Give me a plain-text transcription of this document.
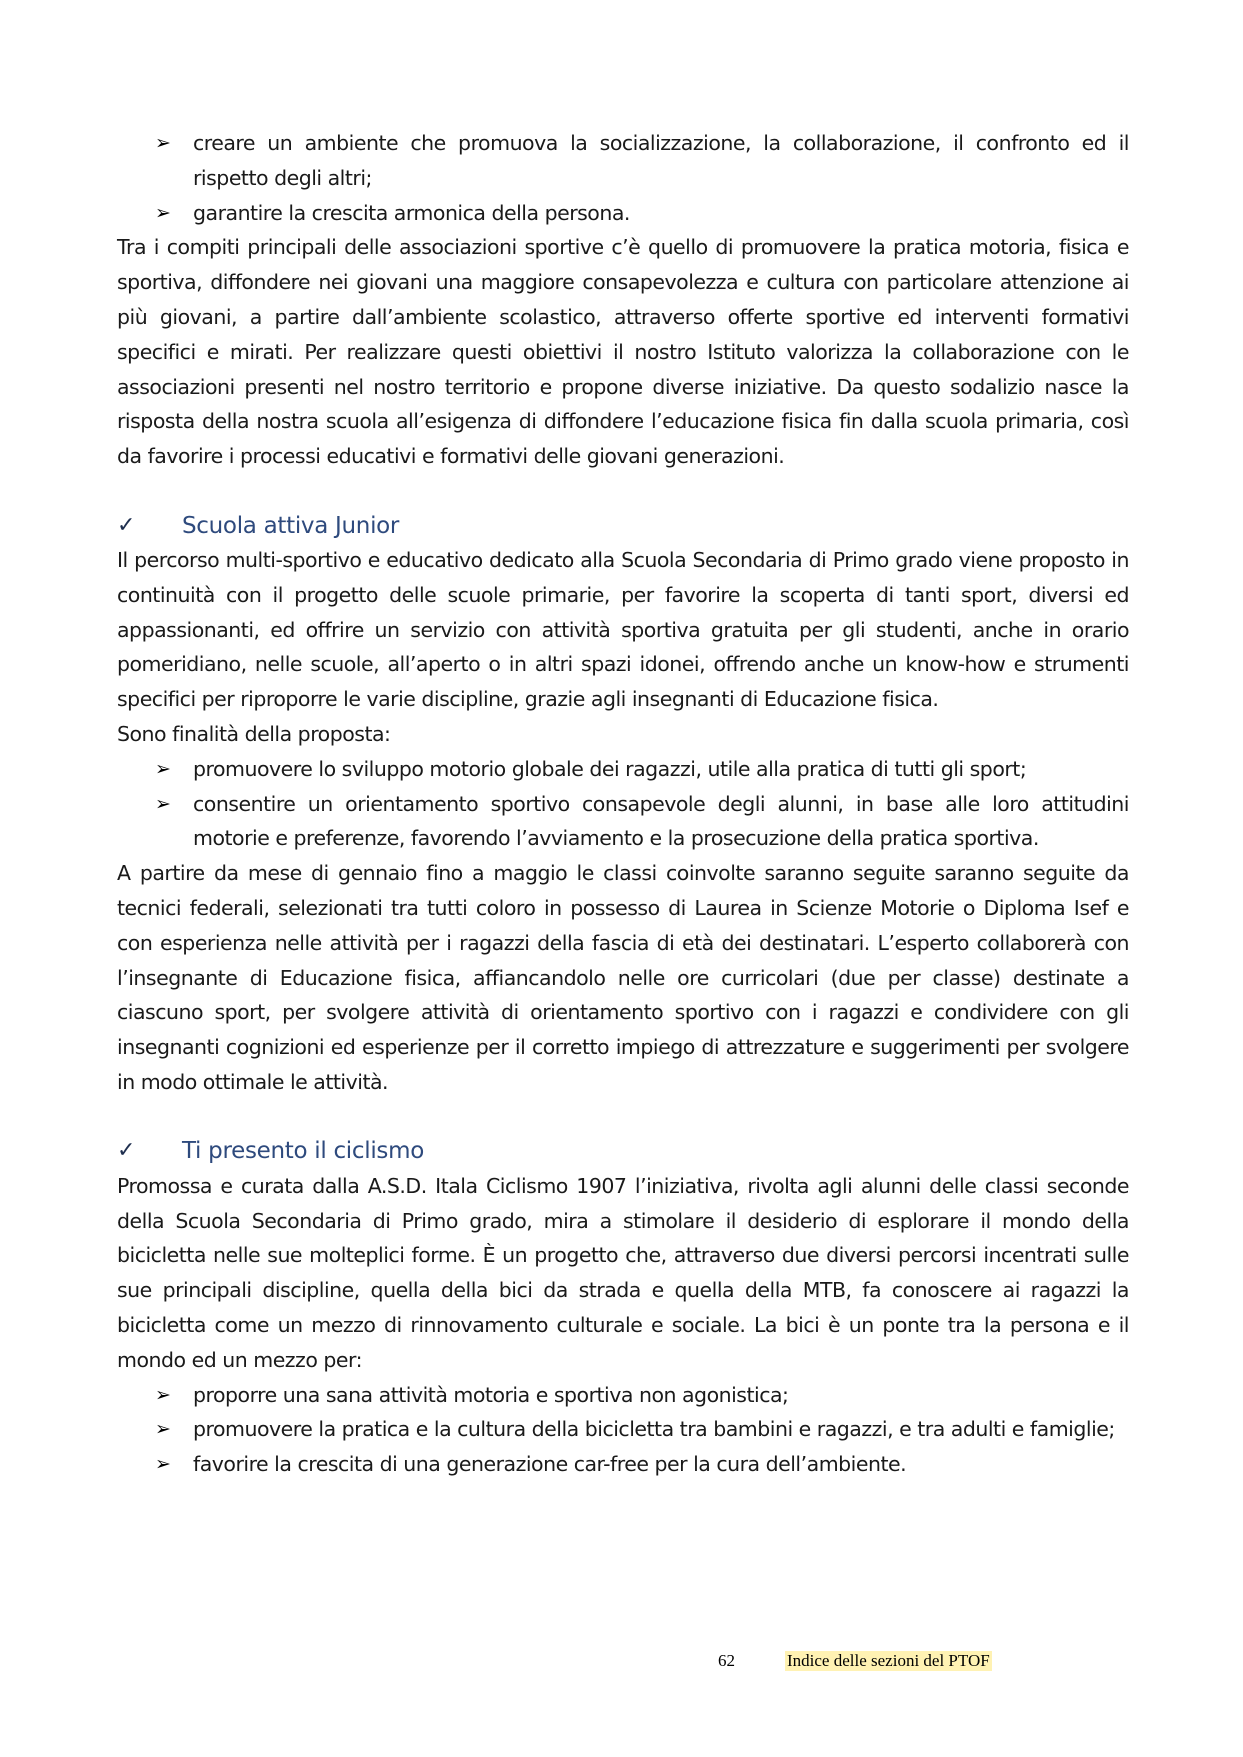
➢ creare un ambiente che promuova la socializzazione, la collaborazione, il confronto ed il rispetto degli altri;
➢ garantire la crescita armonica della persona.

Tra i compiti principali delle associazioni sportive c’è quello di promuovere la pratica motoria, fisica e sportiva, diffondere nei giovani una maggiore consapevolezza e cultura con particolare attenzione ai più giovani, a partire dall’ambiente scolastico, attraverso offerte sportive ed interventi formativi specifici e mirati. Per realizzare questi obiettivi il nostro Istituto valorizza la collaborazione con le associazioni presenti nel nostro territorio e propone diverse iniziative. Da questo sodalizio nasce la risposta della nostra scuola all’esigenza di diffondere l’educazione fisica fin dalla scuola primaria, così da favorire i processi educativi e formativi delle giovani generazioni.

✓	Scuola attiva Junior

Il percorso multi-sportivo e educativo dedicato alla Scuola Secondaria di Primo grado viene proposto in continuità con il progetto delle scuole primarie, per favorire la scoperta di tanti sport, diversi ed appassionanti, ed offrire un servizio con attività sportiva gratuita per gli studenti, anche in orario pomeridiano, nelle scuole, all’aperto o in altri spazi idonei, offrendo anche un know-how e strumenti specifici per riproporre le varie discipline, grazie agli insegnanti di Educazione fisica.

Sono finalità della proposta:

➢ promuovere lo sviluppo motorio globale dei ragazzi, utile alla pratica di tutti gli sport;
➢ consentire un orientamento sportivo consapevole degli alunni, in base alle loro attitudini motorie e preferenze, favorendo l’avviamento e la prosecuzione della pratica sportiva.

A partire da mese di gennaio fino a maggio le classi coinvolte saranno seguite saranno seguite da tecnici federali, selezionati tra tutti coloro in possesso di Laurea in Scienze Motorie o Diploma Isef e con esperienza nelle attività per i ragazzi della fascia di età dei destinatari. L’esperto collaborerà con l’insegnante di Educazione fisica, affiancandolo nelle ore curricolari (due per classe) destinate a ciascuno sport, per svolgere attività di orientamento sportivo con i ragazzi e condividere con gli insegnanti cognizioni ed esperienze per il corretto impiego di attrezzature e suggerimenti per svolgere in modo ottimale le attività.

✓	Ti presento il ciclismo

Promossa e curata dalla A.S.D. Itala Ciclismo 1907 l’iniziativa, rivolta agli alunni delle classi seconde della Scuola Secondaria di Primo grado, mira a stimolare il desiderio di esplorare il mondo della bicicletta nelle sue molteplici forme. È un progetto che, attraverso due diversi percorsi incentrati sulle sue principali discipline, quella della bici da strada e quella della MTB, fa conoscere ai ragazzi la bicicletta come un mezzo di rinnovamento culturale e sociale. La bici è un ponte tra la persona e il mondo ed un mezzo per:

➢ proporre una sana attività motoria e sportiva non agonistica;
➢ promuovere la pratica e la cultura della bicicletta tra bambini e ragazzi, e tra adulti e famiglie;
➢ favorire la crescita di una generazione car-free per la cura dell’ambiente.
62	Indice delle sezioni del PTOF
